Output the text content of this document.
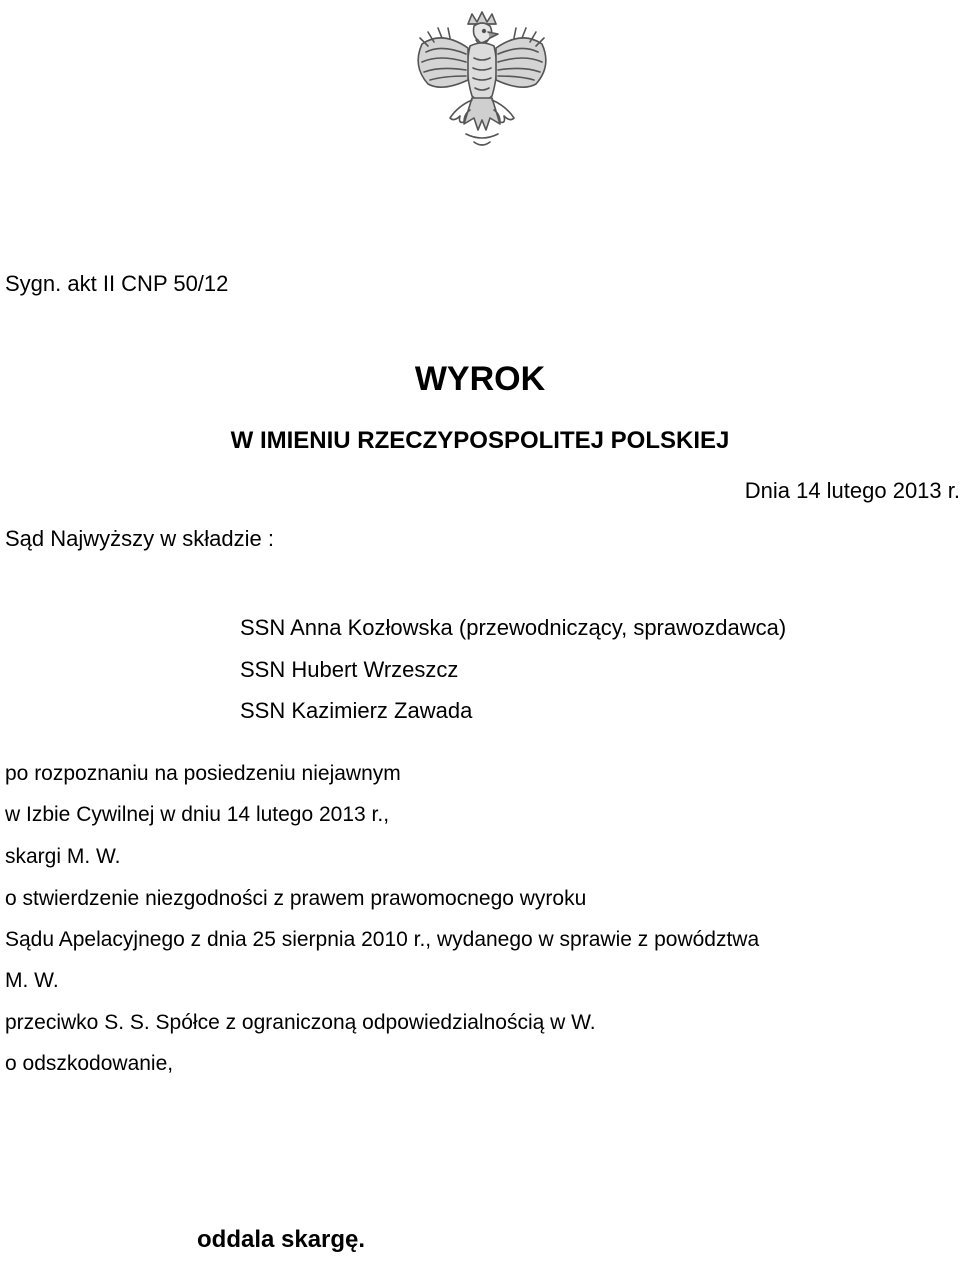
Sygn. akt II CNP 50/12
WYROK
W IMIENIU RZECZYPOSPOLITEJ POLSKIEJ
Dnia 14 lutego 2013 r.
Sąd Najwyższy w składzie :
SSN Anna Kozłowska (przewodniczący, sprawozdawca)
SSN Hubert Wrzeszcz
SSN Kazimierz Zawada
po rozpoznaniu na posiedzeniu niejawnym
w Izbie Cywilnej w dniu 14 lutego 2013 r.,
skargi M. W.
o stwierdzenie niezgodności z prawem prawomocnego wyroku
Sądu Apelacyjnego z dnia 25 sierpnia 2010 r., wydanego w sprawie z powództwa
M. W.
przeciwko S. S. Spółce z ograniczoną odpowiedzialnością w W.
o odszkodowanie,
oddala skargę.
